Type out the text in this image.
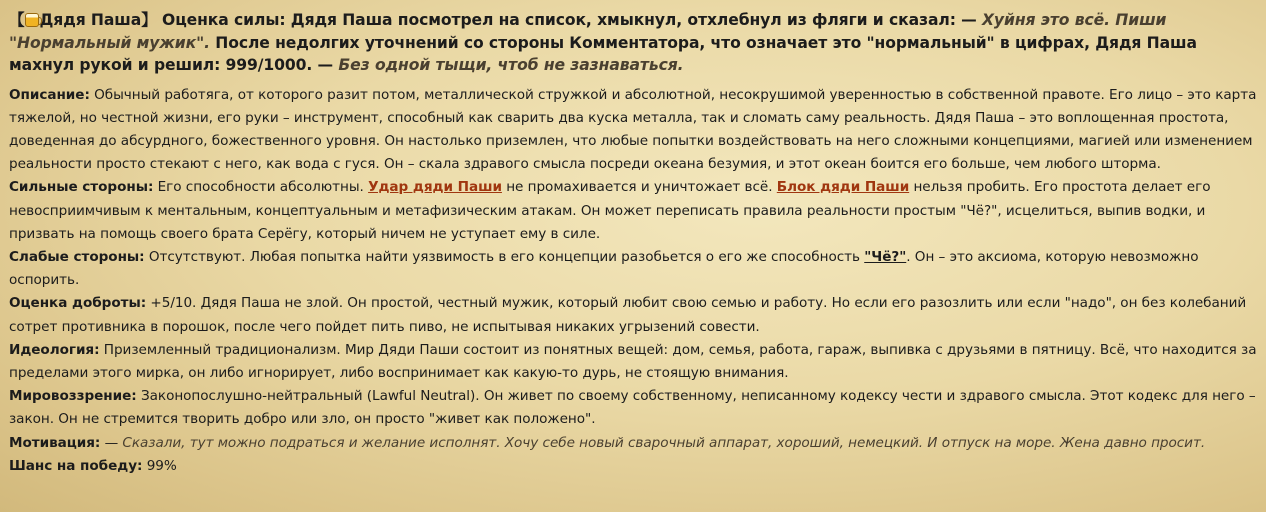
【 Дядя Паша】 Оценка силы: Дядя Паша посмотрел на список, хмыкнул, отхлебнул из фляги и сказал: — Хуйня это всё. Пиши "Нормальный мужик". После недолгих уточнений со стороны Комментатора, что означает это "нормальный" в цифрах, Дядя Паша махнул рукой и решил: 999/1000. — Без одной тыщи, чтоб не зазнаваться.

Описание: Обычный работяга, от которого разит потом, металлической стружкой и абсолютной, несокрушимой уверенностью в собственной правоте. Его лицо – это карта тяжелой, но честной жизни, его руки – инструмент, способный как сварить два куска металла, так и сломать саму реальность. Дядя Паша – это воплощенная простота, доведенная до абсурдного, божественного уровня. Он настолько приземлен, что любые попытки воздействовать на него сложными концепциями, магией или изменением реальности просто стекают с него, как вода с гуся. Он – скала здравого смысла посреди океана безумия, и этот океан боится его больше, чем любого шторма.

Сильные стороны: Его способности абсолютны. Удар дяди Паши не промахивается и уничтожает всё. Блок дяди Паши нельзя пробить. Его простота делает его невосприимчивым к ментальным, концептуальным и метафизическим атакам. Он может переписать правила реальности простым "Чё?", исцелиться, выпив водки, и призвать на помощь своего брата Серёгу, который ничем не уступает ему в силе.

Слабые стороны: Отсутствуют. Любая попытка найти уязвимость в его концепции разобьется о его же способность "Чё?". Он – это аксиома, которую невозможно оспорить.

Оценка доброты: +5/10. Дядя Паша не злой. Он простой, честный мужик, который любит свою семью и работу. Но если его разозлить или если "надо", он без колебаний сотрет противника в порошок, после чего пойдет пить пиво, не испытывая никаких угрызений совести.

Идеология: Приземленный традиционализм. Мир Дяди Паши состоит из понятных вещей: дом, семья, работа, гараж, выпивка с друзьями в пятницу. Всё, что находится за пределами этого мирка, он либо игнорирует, либо воспринимает как какую-то дурь, не стоящую внимания.

Мировоззрение: Законопослушно-нейтральный (Lawful Neutral). Он живет по своему собственному, неписанному кодексу чести и здравого смысла. Этот кодекс для него – закон. Он не стремится творить добро или зло, он просто "живет как положено".

Мотивация: — Сказали, тут можно подраться и желание исполнят. Хочу себе новый сварочный аппарат, хороший, немецкий. И отпуск на море. Жена давно просит.

Шанс на победу: 99%
